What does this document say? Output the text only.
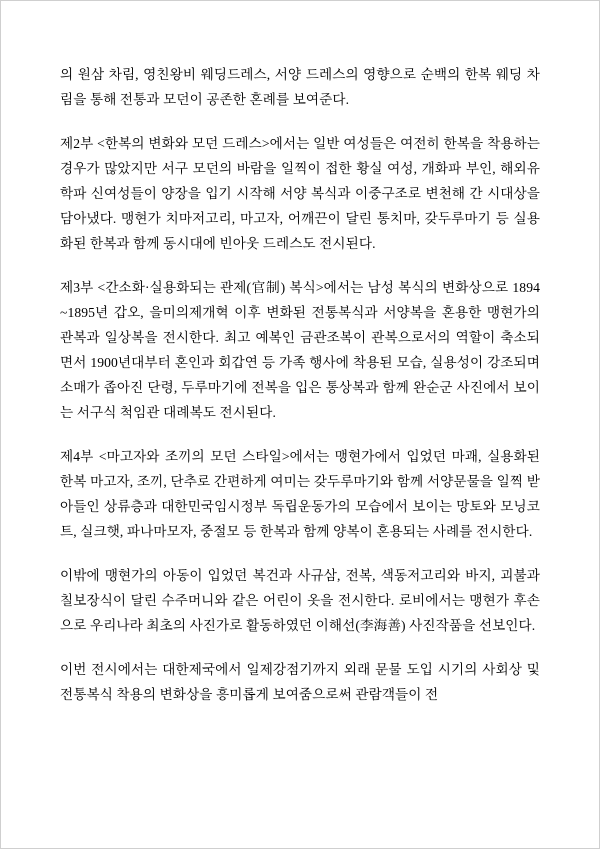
의 원삼 차림, 영친왕비 웨딩드레스, 서양 드레스의 영향으로 순백의 한복 웨딩 차림을 통해 전통과 모던이 공존한 혼례를 보여준다.

제2부 <한복의 변화와 모던 드레스>에서는 일반 여성들은 여전히 한복을 착용하는 경우가 많았지만 서구 모던의 바람을 일찍이 접한 황실 여성, 개화파 부인, 해외유학파 신여성들이 양장을 입기 시작해 서양 복식과 이중구조로 변천해 간 시대상을 담아냈다. 맹현가 치마저고리, 마고자, 어깨끈이 달린 통치마, 갖두루마기 등 실용화된 한복과 함께 동시대에 빈아웃 드레스도 전시된다.

제3부 <간소화·실용화되는 관제(官制) 복식>에서는 남성 복식의 변화상으로 1894~1895년 갑오, 을미의제개혁 이후 변화된 전통복식과 서양복을 혼용한 맹현가의 관복과 일상복을 전시한다. 최고 예복인 금관조복이 관복으로서의 역할이 축소되면서 1900년대부터 혼인과 회갑연 등 가족 행사에 착용된 모습, 실용성이 강조되며 소매가 좁아진 단령, 두루마기에 전복을 입은 통상복과 함께 완순군 사진에서 보이는 서구식 척임관 대례복도 전시된다.

제4부 <마고자와 조끼의 모던 스타일>에서는 맹현가에서 입었던 마괘, 실용화된 한복 마고자, 조끼, 단추로 간편하게 여미는 갖두루마기와 함께 서양문물을 일찍 받아들인 상류층과 대한민국임시정부 독립운동가의 모습에서 보이는 망토와 모닝코트, 실크햇, 파나마모자, 중절모 등 한복과 함께 양복이 혼용되는 사례를 전시한다.

이밖에 맹현가의 아동이 입었던 복건과 사규삼, 전복, 색동저고리와 바지, 괴불과 칠보장식이 달린 수주머니와 같은 어린이 옷을 전시한다. 로비에서는 맹현가 후손으로 우리나라 최초의 사진가로 활동하였던 이해선(李海善) 사진작품을 선보인다.

이번 전시에서는 대한제국에서 일제강점기까지 외래 문물 도입 시기의 사회상 및 전통복식 착용의 변화상을 흥미롭게 보여줌으로써 관람객들이 전
